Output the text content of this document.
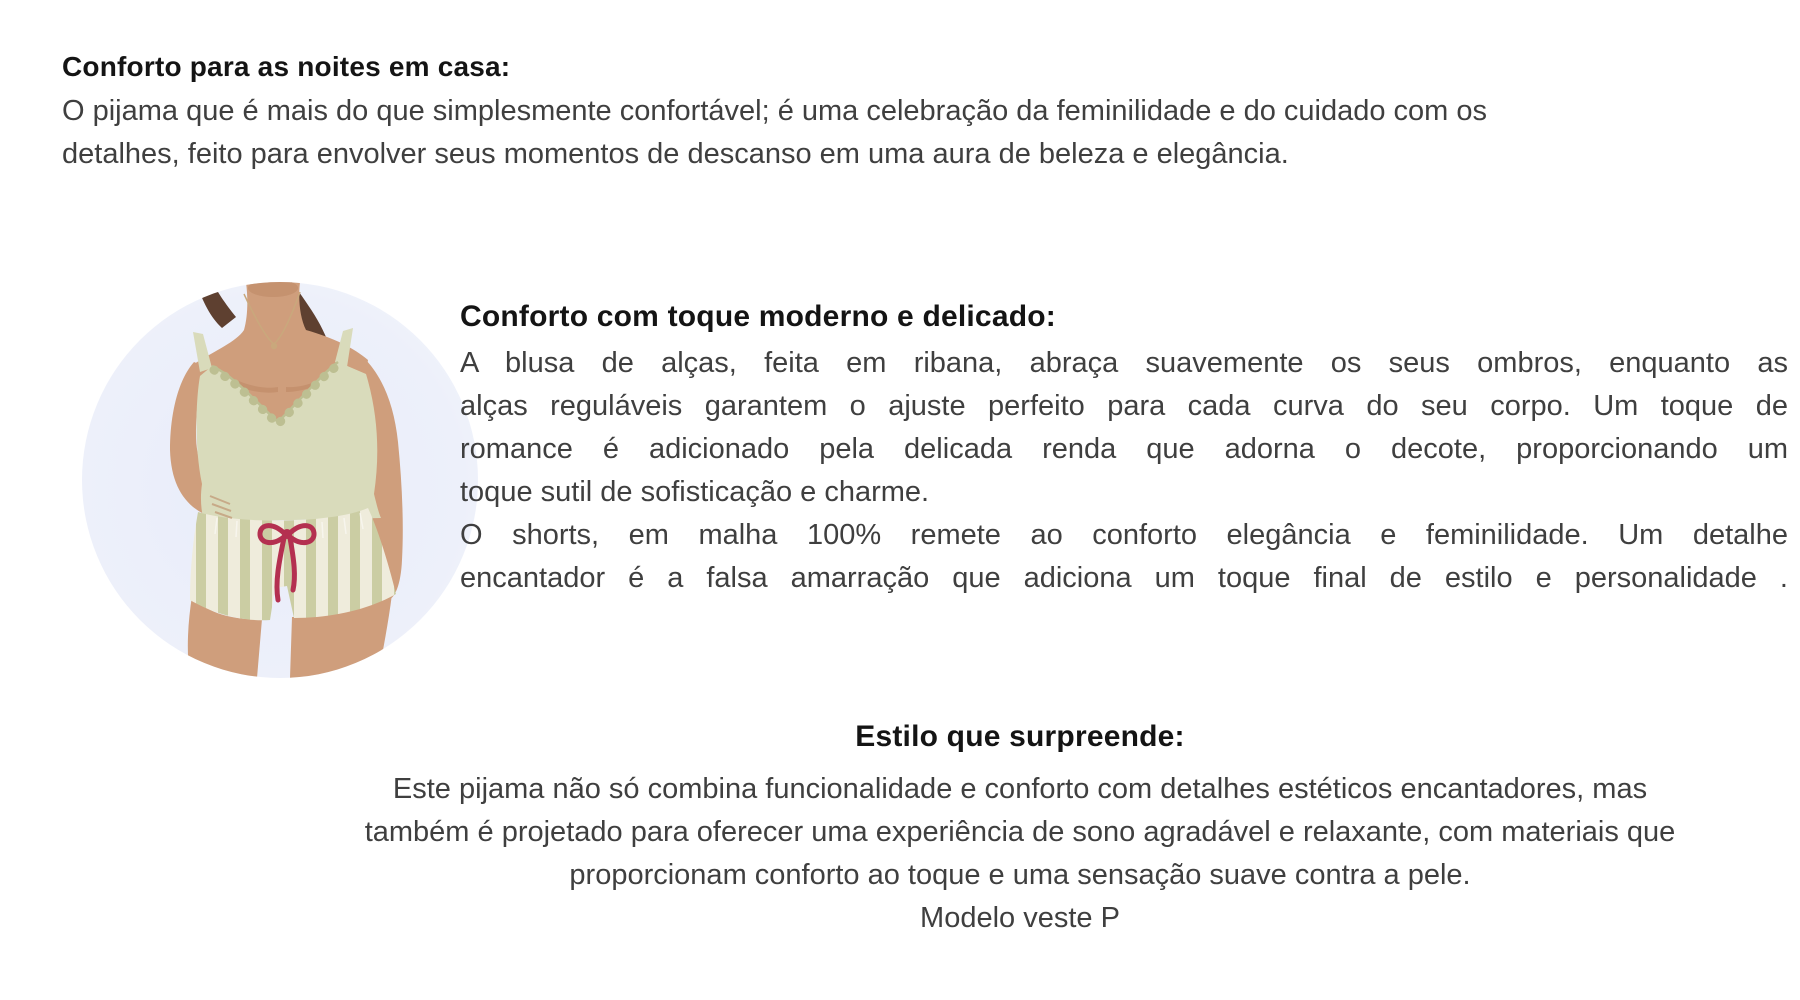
Conforto para as noites em casa:

O pijama que é mais do que simplesmente confortável; é uma celebração da feminilidade e do cuidado com os

detalhes, feito para envolver seus momentos de descanso em uma aura de beleza e elegância.

Conforto com toque moderno e delicado:

A blusa de alças, feita em ribana, abraça suavemente os seus ombros, enquanto as

alças reguláveis garantem o ajuste perfeito para cada curva do seu corpo. Um toque de

romance é adicionado pela delicada renda que adorna o decote, proporcionando um

toque sutil de sofisticação e charme.

O shorts, em malha 100% remete ao conforto elegância e feminilidade. Um detalhe

encantador é a falsa amarração que adiciona um toque final de estilo e personalidade .

Estilo que surpreende:

Este pijama não só combina funcionalidade e conforto com detalhes estéticos encantadores, mas

também é projetado para oferecer uma experiência de sono agradável e relaxante, com materiais que

proporcionam conforto ao toque e uma sensação suave contra a pele.

Modelo veste P
